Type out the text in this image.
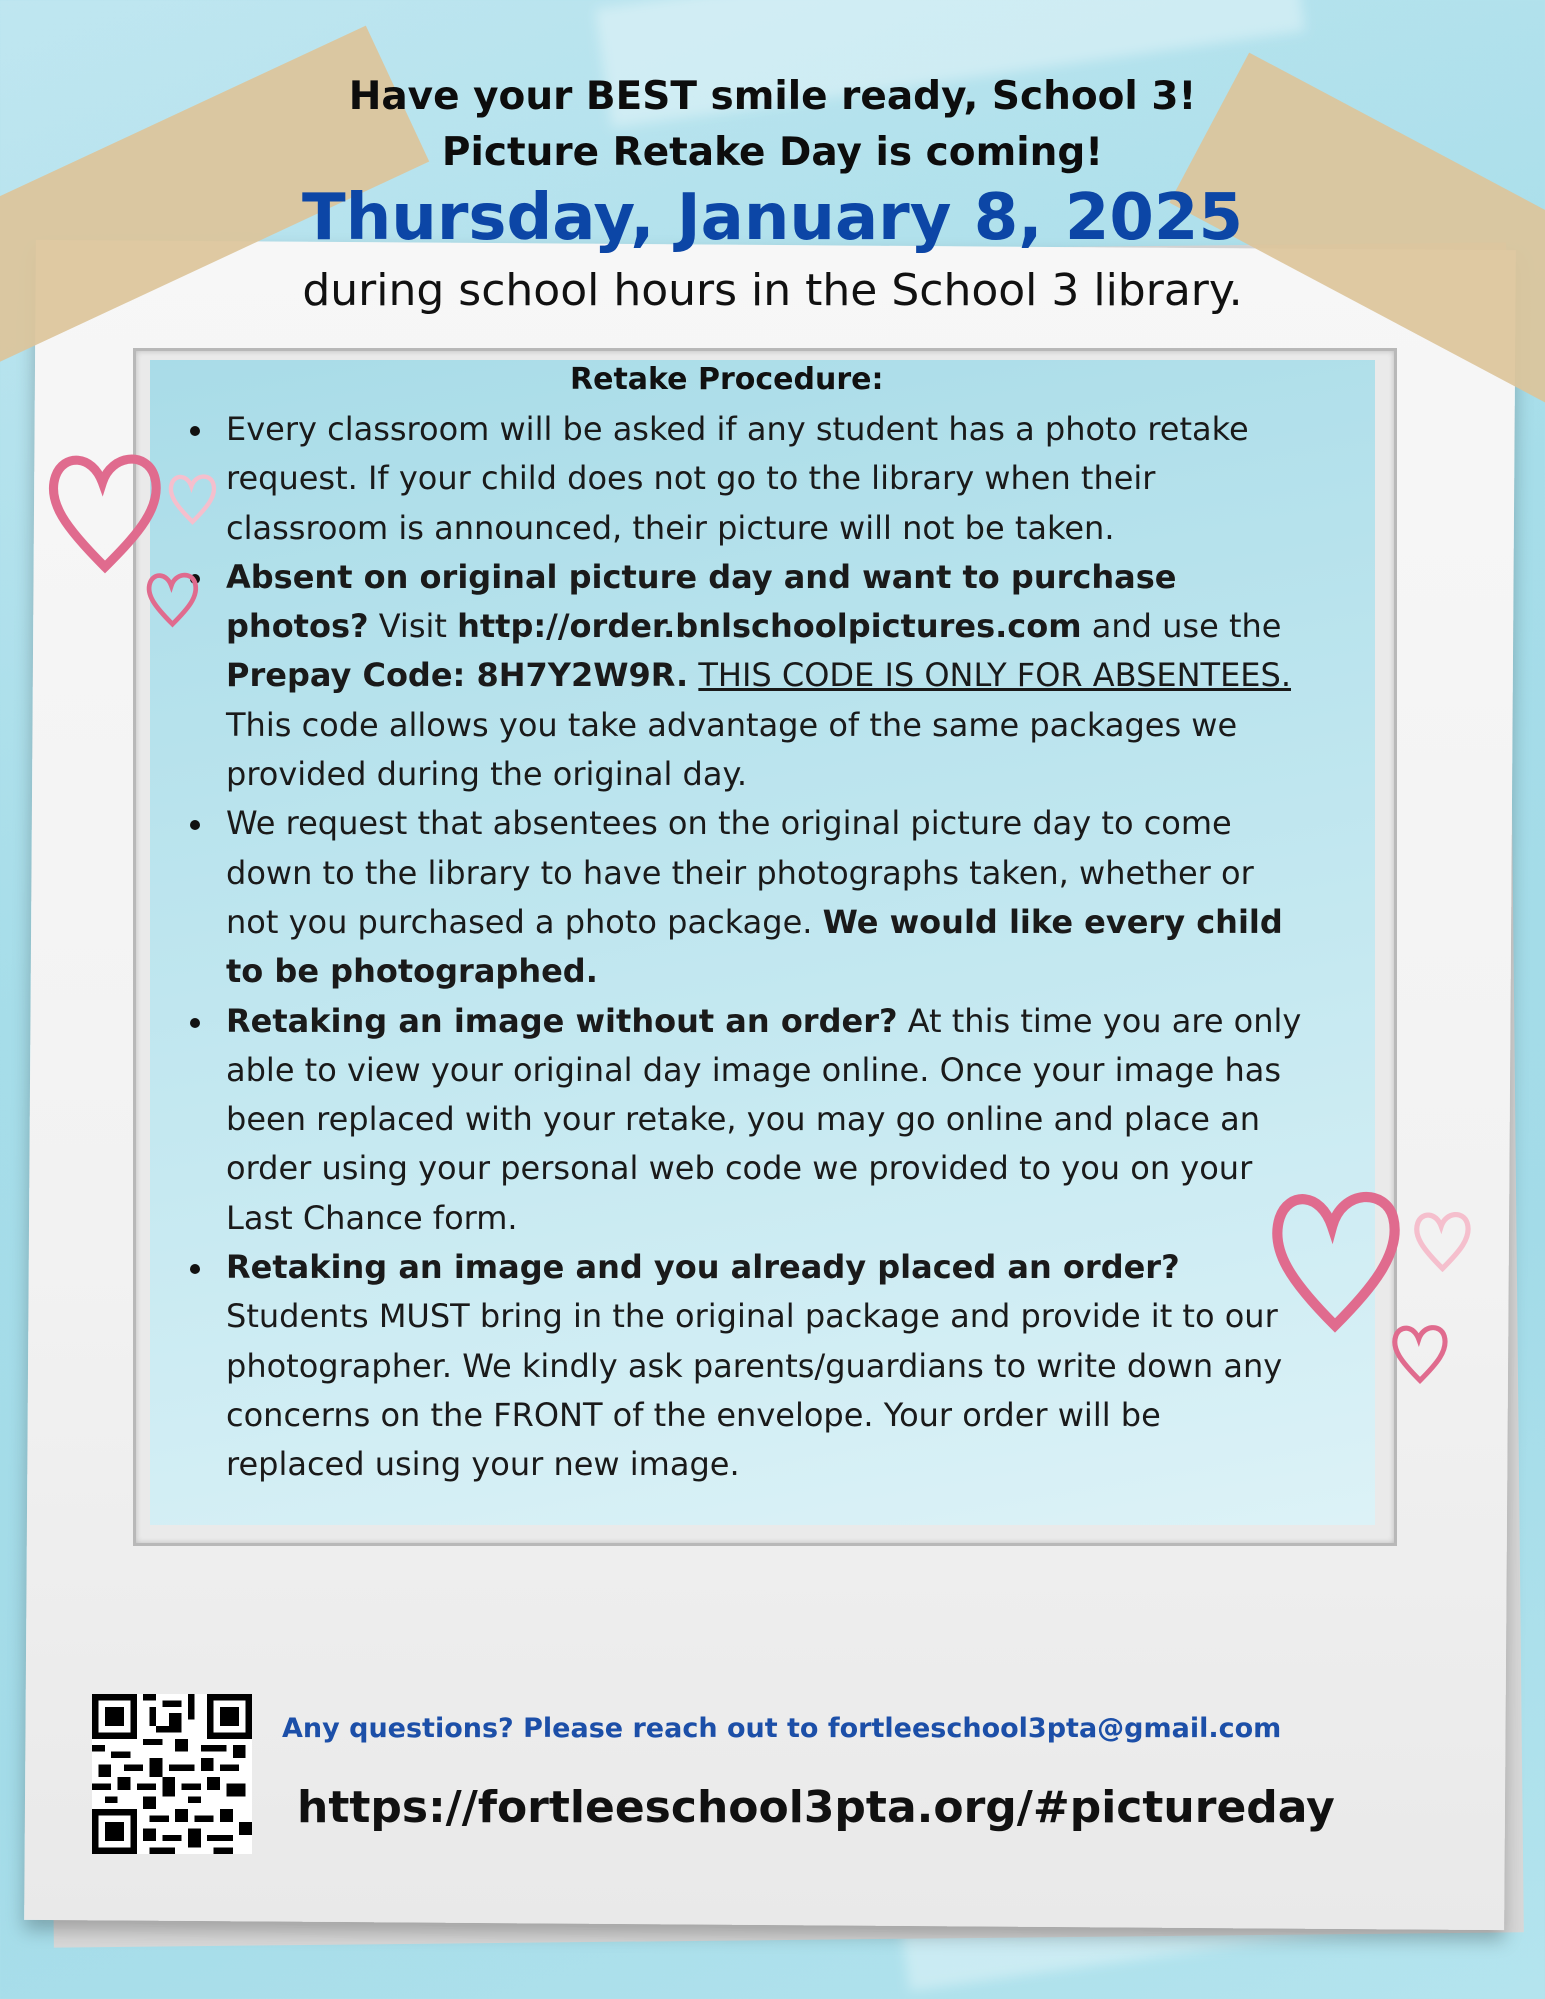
Have your BEST smile ready, School 3!
Picture Retake Day is coming!
Thursday, January 8, 2025
during school hours in the School 3 library.
Retake Procedure:
Every classroom will be asked if any student has a photo retake request. If your child does not go to the library when their classroom is announced, their picture will not be taken.
Absent on original picture day and want to purchase photos? Visit http://order.bnlschoolpictures.com and use the Prepay Code: 8H7Y2W9R. THIS CODE IS ONLY FOR ABSENTEES. This code allows you take advantage of the same packages we provided during the original day.
We request that absentees on the original picture day to come down to the library to have their photographs taken, whether or not you purchased a photo package. We would like every child to be photographed.
Retaking an image without an order? At this time you are only able to view your original day image online. Once your image has been replaced with your retake, you may go online and place an order using your personal web code we provided to you on your Last Chance form.
Retaking an image and you already placed an order? Students MUST bring in the original package and provide it to our photographer. We kindly ask parents/guardians to write down any concerns on the FRONT of the envelope. Your order will be replaced using your new image.
Any questions? Please reach out to fortleeschool3pta@gmail.com
https://fortleeschool3pta.org/#pictureday
